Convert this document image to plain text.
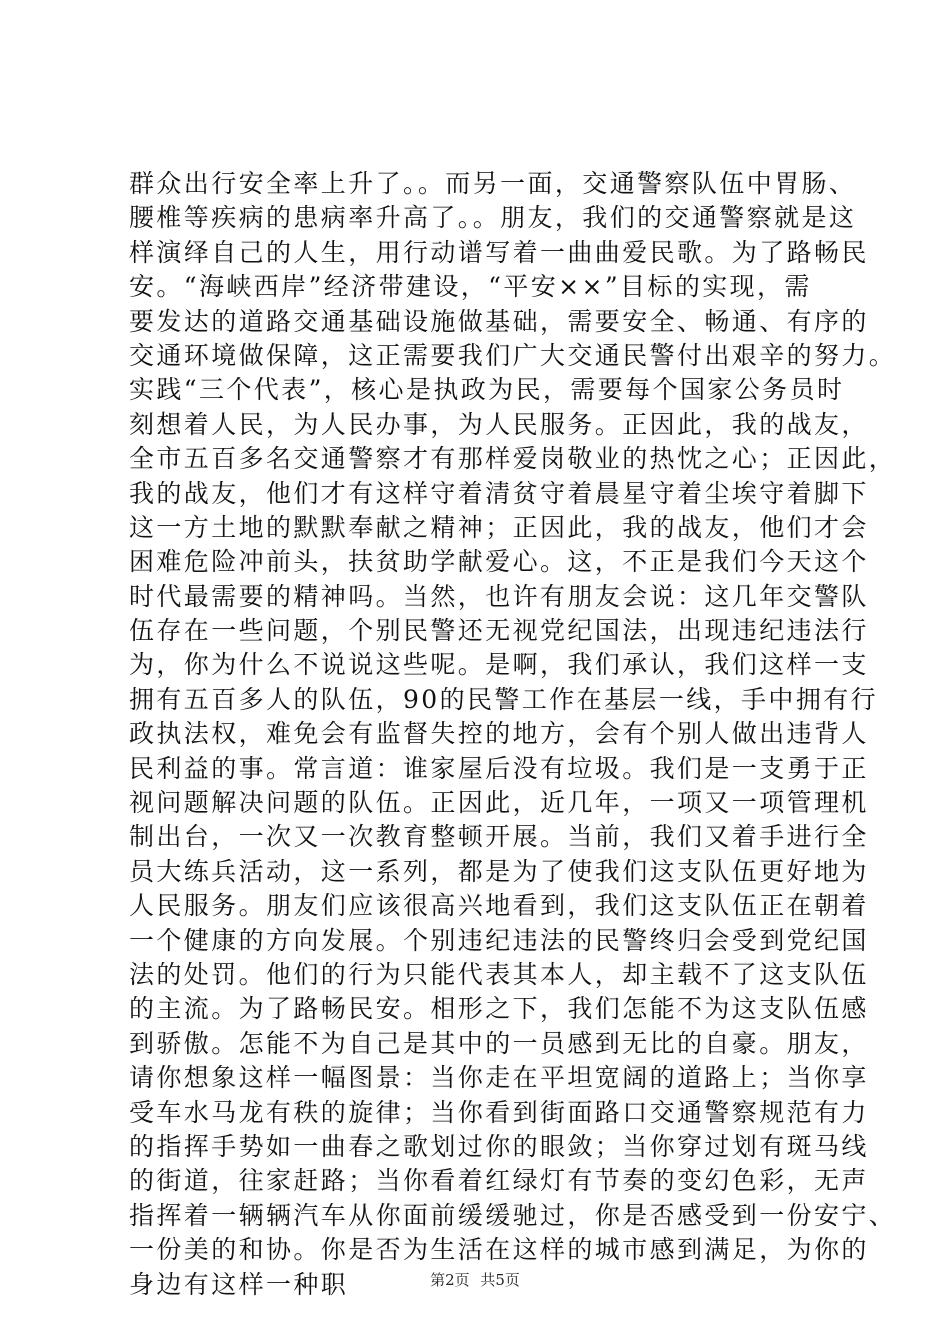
群众出行安全率上升了。。而另一面，交通警察队伍中胃肠、
腰椎等疾病的患病率升高了。。朋友，我们的交通警察就是这
样演绎自己的人生，用行动谱写着一曲曲爱民歌。为了路畅民
安。“海峡西岸”经济带建设，“平安××”目标的实现，需
要发达的道路交通基础设施做基础，需要安全、畅通、有序的
交通环境做保障，这正需要我们广大交通民警付出艰辛的努力。
实践“三个代表”，核心是执政为民，需要每个国家公务员时
刻想着人民，为人民办事，为人民服务。正因此，我的战友，
全市五百多名交通警察才有那样爱岗敬业的热忱之心；正因此，
我的战友，他们才有这样守着清贫守着晨星守着尘埃守着脚下
这一方土地的默默奉献之精神；正因此，我的战友，他们才会
困难危险冲前头，扶贫助学献爱心。这，不正是我们今天这个
时代最需要的精神吗。当然，也许有朋友会说：这几年交警队
伍存在一些问题，个别民警还无视党纪国法，出现违纪违法行
为，你为什么不说说这些呢。是啊，我们承认，我们这样一支
拥有五百多人的队伍，90的民警工作在基层一线，手中拥有行
政执法权，难免会有监督失控的地方，会有个别人做出违背人
民利益的事。常言道：谁家屋后没有垃圾。我们是一支勇于正
视问题解决问题的队伍。正因此，近几年，一项又一项管理机
制出台，一次又一次教育整顿开展。当前，我们又着手进行全
员大练兵活动，这一系列，都是为了使我们这支队伍更好地为
人民服务。朋友们应该很高兴地看到，我们这支队伍正在朝着
一个健康的方向发展。个别违纪违法的民警终归会受到党纪国
法的处罚。他们的行为只能代表其本人，却主载不了这支队伍
的主流。为了路畅民安。相形之下，我们怎能不为这支队伍感
到骄傲。怎能不为自己是其中的一员感到无比的自豪。朋友，
请你想象这样一幅图景：当你走在平坦宽阔的道路上；当你享
受车水马龙有秩的旋律；当你看到街面路口交通警察规范有力
的指挥手势如一曲春之歌划过你的眼敛；当你穿过划有斑马线
的街道，往家赶路；当你看着红绿灯有节奏的变幻色彩，无声
指挥着一辆辆汽车从你面前缓缓驰过，你是否感受到一份安宁、
一份美的和协。你是否为生活在这样的城市感到满足，为你的
身边有这样一种职	第2页 共5页
